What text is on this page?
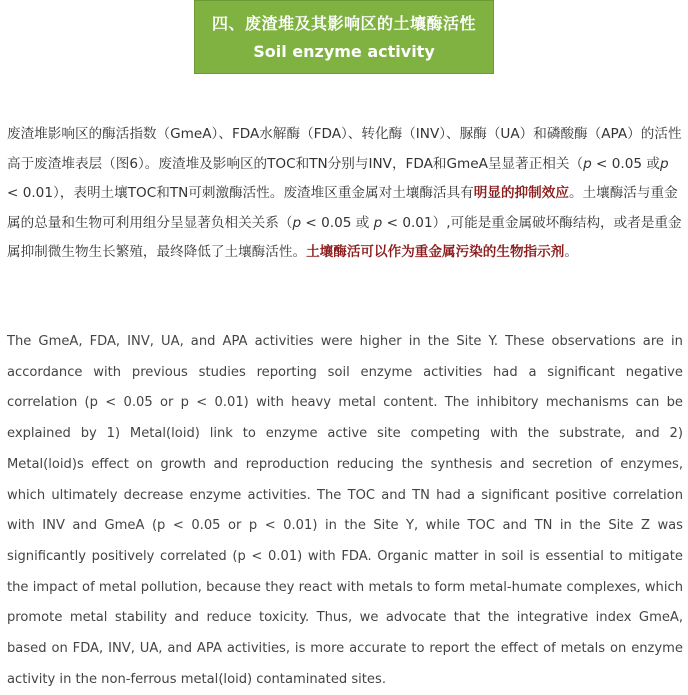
四、废渣堆及其影响区的土壤酶活性
Soil enzyme activity

废渣堆影响区的酶活指数（GmeA）、FDA水解酶（FDA）、转化酶（INV）、脲酶（UA）和磷酸酶（APA）的活性高于废渣堆表层（图6）。废渣堆及影响区的TOC和TN分别与INV，FDA和GmeA呈显著正相关（p < 0.05 或p < 0.01），表明土壤TOC和TN可刺激酶活性。废渣堆区重金属对土壤酶活具有明显的抑制效应。土壤酶活与重金属的总量和生物可利用组分呈显著负相关关系（p < 0.05 或 p < 0.01）,可能是重金属破坏酶结构，或者是重金属抑制微生物生长繁殖，最终降低了土壤酶活性。土壤酶活可以作为重金属污染的生物指示剂。

The GmeA, FDA, INV, UA, and APA activities were higher in the Site Y. These observations are in accordance with previous studies reporting soil enzyme activities had a significant negative correlation (p < 0.05 or p < 0.01) with heavy metal content. The inhibitory mechanisms can be explained by 1) Metal(loid) link to enzyme active site competing with the substrate, and 2) Metal(loid)s effect on growth and reproduction reducing the synthesis and secretion of enzymes, which ultimately decrease enzyme activities. The TOC and TN had a significant positive correlation with INV and GmeA (p < 0.05 or p < 0.01) in the Site Y, while TOC and TN in the Site Z was significantly positively correlated (p < 0.01) with FDA. Organic matter in soil is essential to mitigate the impact of metal pollution, because they react with metals to form metal-humate complexes, which promote metal stability and reduce toxicity. Thus, we advocate that the integrative index GmeA, based on FDA, INV, UA, and APA activities, is more accurate to report the effect of metals on enzyme activity in the non-ferrous metal(loid) contaminated sites.
